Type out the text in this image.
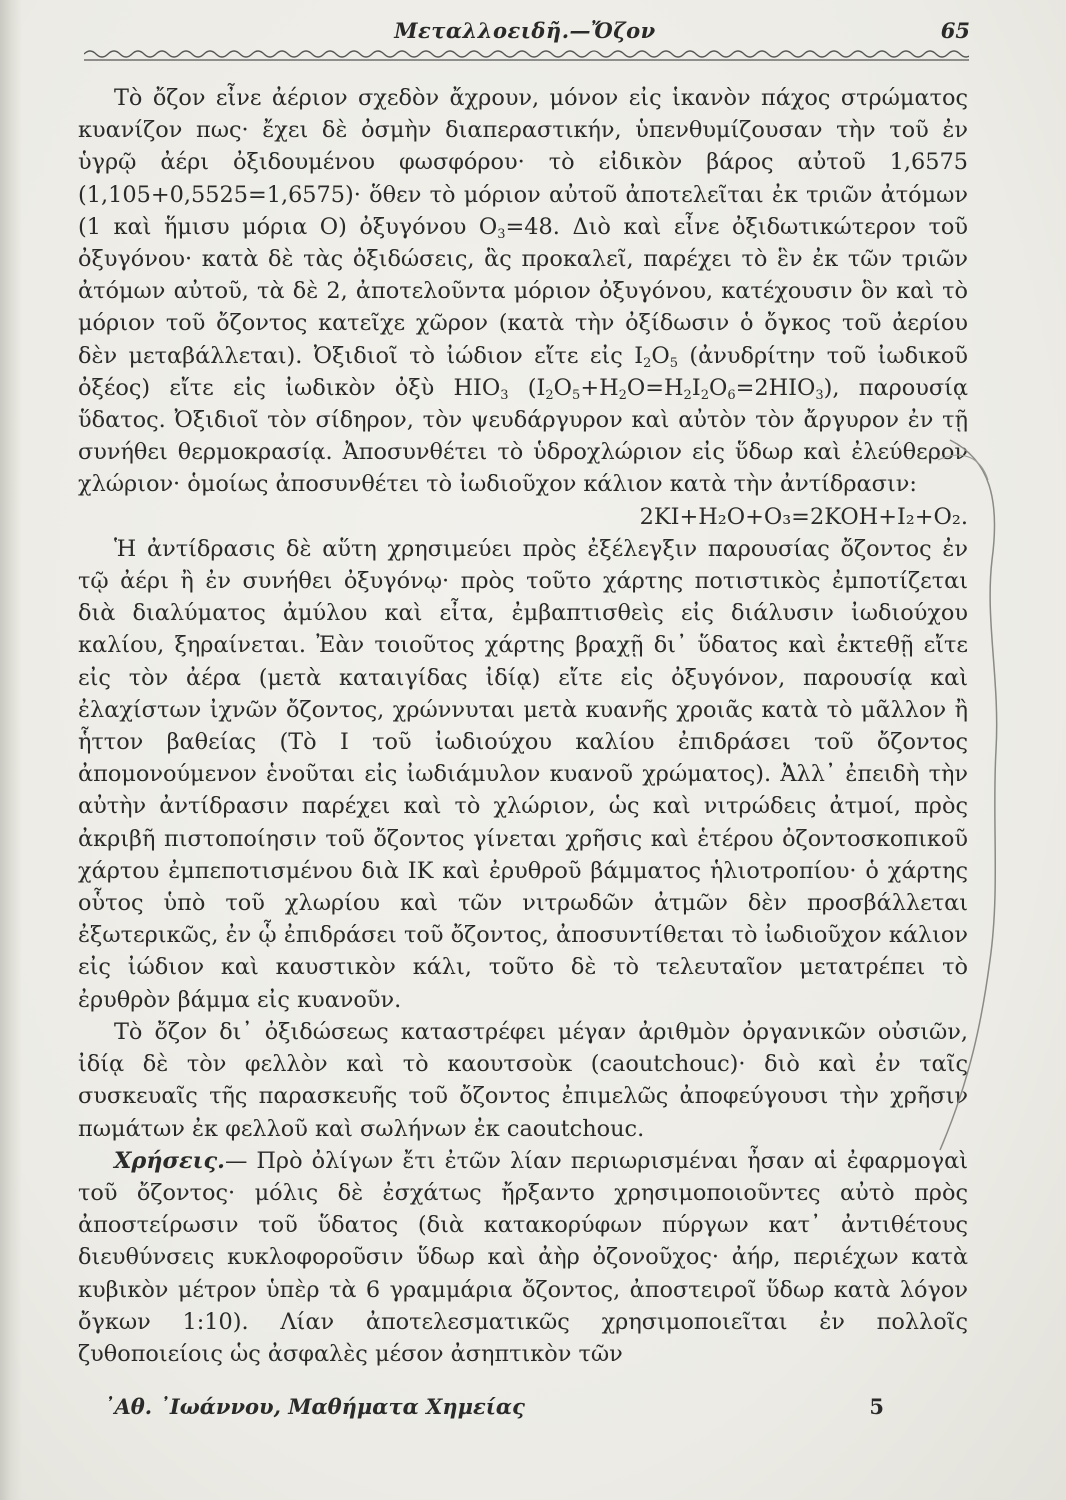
Μεταλλοειδῆ.—Ὄζον	65

Τὸ ὄζον εἶνε ἀέριον σχεδὸν ἄχρουν, μόνον εἰς ἱκανὸν πάχος στρώματος κυανίζον πως· ἔχει δὲ ὀσμὴν διαπεραστικήν, ὑπενθυμίζουσαν τὴν τοῦ ἐν ὑγρῷ ἀέρι ὀξιδουμένου φωσφόρου· τὸ εἰδικὸν βάρος αὐτοῦ 1,6575 (1,105+0,5525=1,6575)· ὅθεν τὸ μόριον αὐτοῦ ἀποτελεῖται ἐκ τριῶν ἀτόμων (1 καὶ ἥμισυ μόρια Ο) ὀξυγόνου $O_3=48$. Διὸ καὶ εἶνε ὀξιδωτικώτερον τοῦ ὀξυγόνου· κατὰ δὲ τὰς ὀξιδώσεις, ἃς προκαλεῖ, παρέχει τὸ ἓν ἐκ τῶν τριῶν ἀτόμων αὐτοῦ, τὰ δὲ 2, ἀποτελοῦντα μόριον ὀξυγόνου, κατέχουσιν ὃν καὶ τὸ μόριον τοῦ ὄζοντος κατεῖχε χῶρον (κατὰ τὴν ὀξίδωσιν ὁ ὄγκος τοῦ ἀερίου δὲν μεταβάλλεται). Ὀξιδιοῖ τὸ ἰώδιον εἴτε εἰς $I_2O_5$ (ἀνυδρίτην τοῦ ἰωδικοῦ ὀξέος) εἴτε εἰς ἰωδικὸν ὀξὺ $HIO_3$ $(I_2O_5+H_2O=H_2I_2O_6=2HIO_3)$, παρουσίᾳ ὕδατος. Ὀξιδιοῖ τὸν σίδηρον, τὸν ψευδάργυρον καὶ αὐτὸν τὸν ἄργυρον ἐν τῇ συνήθει θερμοκρασίᾳ. Ἀποσυνθέτει τὸ ὑδροχλώριον εἰς ὕδωρ καὶ ἐλεύθερον χλώριον· ὁμοίως ἀποσυνθέτει τὸ ἰωδιοῦχον κάλιον κατὰ τὴν ἀντίδρασιν:

2KI+H₂O+O₃=2KOH+I₂+O₂.

Ἡ ἀντίδρασις δὲ αὕτη χρησιμεύει πρὸς ἐξέλεγξιν παρουσίας ὄζοντος ἐν τῷ ἀέρι ἢ ἐν συνήθει ὀξυγόνῳ· πρὸς τοῦτο χάρτης ποτιστικὸς ἐμποτίζεται διὰ διαλύματος ἀμύλου καὶ εἶτα, ἐμβαπτισθεὶς εἰς διάλυσιν ἰωδιούχου καλίου, ξηραίνεται. Ἐὰν τοιοῦτος χάρτης βραχῇ δι᾽ ὕδατος καὶ ἐκτεθῇ εἴτε εἰς τὸν ἀέρα (μετὰ καταιγίδας ἰδίᾳ) εἴτε εἰς ὀξυγόνον, παρουσίᾳ καὶ ἐλαχίστων ἰχνῶν ὄζοντος, χρώννυται μετὰ κυανῆς χροιᾶς κατὰ τὸ μᾶλλον ἢ ἧττον βαθείας (Τὸ Ι τοῦ ἰωδιούχου καλίου ἐπιδράσει τοῦ ὄζοντος ἀπομονούμενον ἑνοῦται εἰς ἰωδιάμυλον κυανοῦ χρώματος). Ἀλλ᾽ ἐπειδὴ τὴν αὐτὴν ἀντίδρασιν παρέχει καὶ τὸ χλώριον, ὡς καὶ νιτρώδεις ἀτμοί, πρὸς ἀκριβῆ πιστοποίησιν τοῦ ὄζοντος γίνεται χρῆσις καὶ ἑτέρου ὀζοντοσκοπικοῦ χάρτου ἐμπεποτισμένου διὰ ΙΚ καὶ ἐρυθροῦ βάμματος ἡλιοτροπίου· ὁ χάρτης οὗτος ὑπὸ τοῦ χλωρίου καὶ τῶν νιτρωδῶν ἀτμῶν δὲν προσβάλλεται ἐξωτερικῶς, ἐν ᾧ ἐπιδράσει τοῦ ὄζοντος, ἀποσυντίθεται τὸ ἰωδιοῦχον κάλιον εἰς ἰώδιον καὶ καυστικὸν κάλι, τοῦτο δὲ τὸ τελευταῖον μετατρέπει τὸ ἐρυθρὸν βάμμα εἰς κυανοῦν.

Τὸ ὄζον δι᾽ ὀξιδώσεως καταστρέφει μέγαν ἀριθμὸν ὀργανικῶν οὐσιῶν, ἰδίᾳ δὲ τὸν φελλὸν καὶ τὸ καουτσοὺκ (caoutchouc)· διὸ καὶ ἐν ταῖς συσκευαῖς τῆς παρασκευῆς τοῦ ὄζοντος ἐπιμελῶς ἀποφεύγουσι τὴν χρῆσιν πωμάτων ἐκ φελλοῦ καὶ σωλήνων ἐκ caoutchouc.

Χρήσεις.— Πρὸ ὀλίγων ἔτι ἐτῶν λίαν περιωρισμέναι ἦσαν αἱ ἐφαρμογαὶ τοῦ ὄζοντος· μόλις δὲ ἐσχάτως ἤρξαντο χρησιμοποιοῦντες αὐτὸ πρὸς ἀποστείρωσιν τοῦ ὕδατος (διὰ κατακορύφων πύργων κατ᾽ ἀντιθέτους διευθύνσεις κυκλοφοροῦσιν ὕδωρ καὶ ἀὴρ ὀζονοῦχος· ἀήρ, περιέχων κατὰ κυβικὸν μέτρον ὑπὲρ τὰ 6 γραμμάρια ὄζοντος, ἀποστειροῖ ὕδωρ κατὰ λόγον ὄγκων 1:10). Λίαν ἀποτελεσματικῶς χρησιμοποιεῖται ἐν πολλοῖς ζυθοποιείοις ὡς ἀσφαλὲς μέσον ἀσηπτικὸν τῶν

᾿Αθ. ᾿Ιωάννου, Μαθήματα Χημείας	5
